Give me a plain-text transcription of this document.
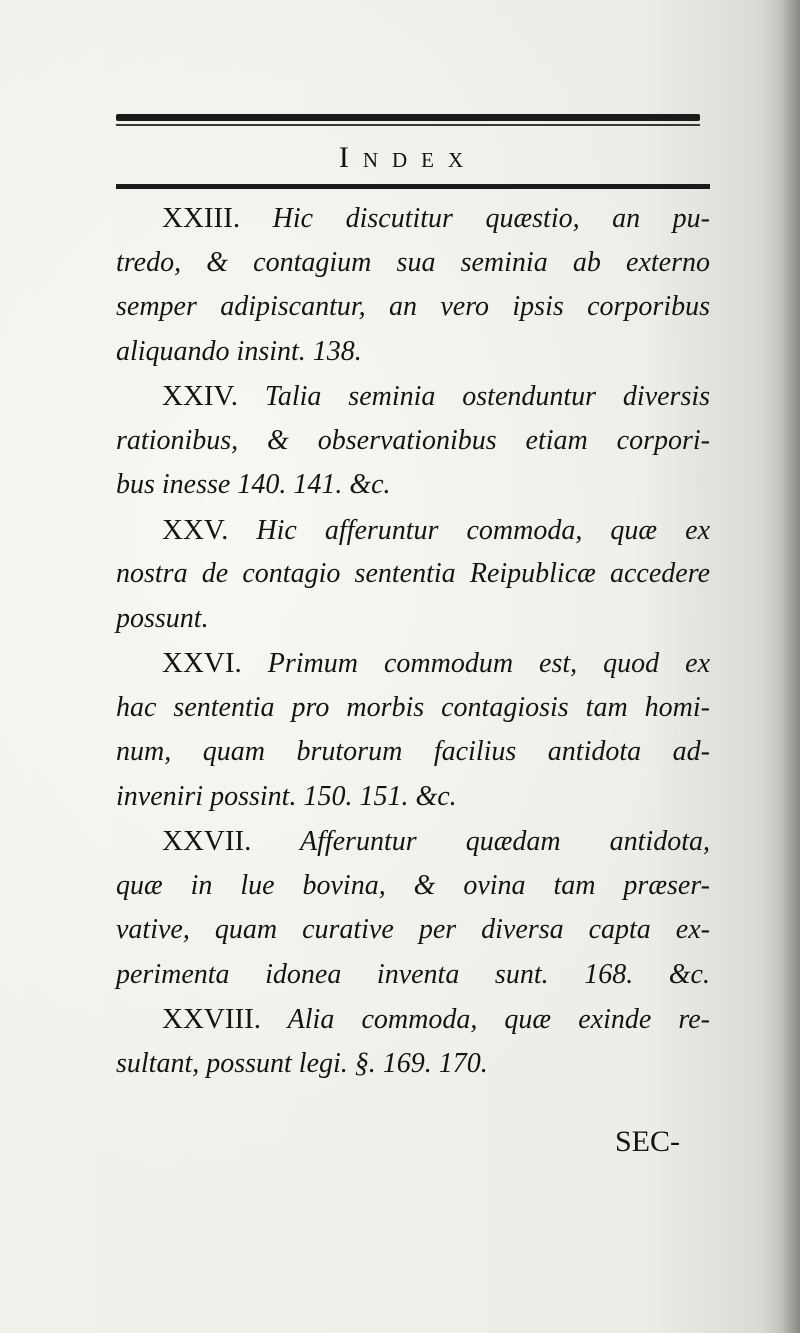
Index
XXIII. Hic discutitur quæstio, an pu-
tredo, & contagium sua seminia ab externo
semper adipiscantur, an vero ipsis corporibus
aliquando insint. 138.
XXIV. Talia seminia ostenduntur diversis
rationibus, & observationibus etiam corpori-
bus inesse 140. 141. &c.
XXV. Hic afferuntur commoda, quæ ex
nostra de contagio sententia Reipublicæ accedere
possunt.
XXVI. Primum commodum est, quod ex
hac sententia pro morbis contagiosis tam homi-
num, quam brutorum facilius antidota ad-
inveniri possint. 150. 151. &c.
XXVII. Afferuntur quædam antidota,
quæ in lue bovina, & ovina tam præser-
vative, quam curative per diversa capta ex-
perimenta idonea inventa sunt. 168. &c.
XXVIII. Alia commoda, quæ exinde re-
sultant, possunt legi. §. 169. 170.
SEC-
